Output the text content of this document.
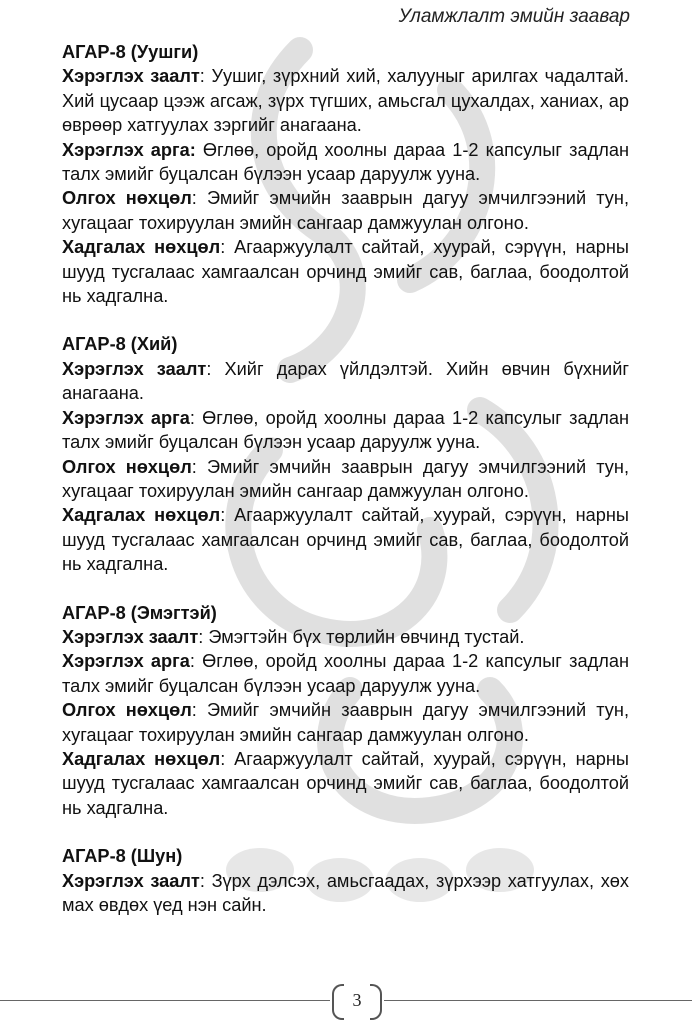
Уламжлалт эмийн заавар
АГАР-8 (Уушги)
Хэрэглэх заалт: Уушиг, зүрхний хий, халууныг арилгах чадалтай. Хий цусаар цээж агсаж, зүрх түгших, амьсгал цухалдах, ханиах, ар өврөөр хатгуулах зэргийг анагаана.
Хэрэглэх арга: Өглөө, оройд хоолны дараа 1-2 капсулыг задлан талх эмийг буцалсан бүлээн усаар даруулж ууна.
Олгох нөхцөл: Эмийг эмчийн зааврын дагуу эмчилгээний тун, хугацааг тохируулан эмийн сангаар дамжуулан олгоно.
Хадгалах нөхцөл: Агааржуулалт сайтай, хуурай, сэрүүн, нарны шууд тусгалаас хамгаалсан орчинд эмийг сав, баглаа, боодолтой нь хадгална.
АГАР-8 (Хий)
Хэрэглэх заалт: Хийг дарах үйлдэлтэй. Хийн өвчин бүхнийг анагаана.
Хэрэглэх арга: Өглөө, оройд хоолны дараа 1-2 капсулыг задлан талх эмийг буцалсан бүлээн усаар даруулж ууна.
Олгох нөхцөл: Эмийг эмчийн зааврын дагуу эмчилгээний тун, хугацааг тохируулан эмийн сангаар дамжуулан олгоно.
Хадгалах нөхцөл: Агааржуулалт сайтай, хуурай, сэрүүн, нарны шууд тусгалаас хамгаалсан орчинд эмийг сав, баглаа, боодолтой нь хадгална.
АГАР-8 (Эмэгтэй)
Хэрэглэх заалт: Эмэгтэйн бүх төрлийн өвчинд тустай.
Хэрэглэх арга: Өглөө, оройд хоолны дараа 1-2 капсулыг задлан талх эмийг буцалсан бүлээн усаар даруулж ууна.
Олгох нөхцөл: Эмийг эмчийн зааврын дагуу эмчилгээний тун, хугацааг тохируулан эмийн сангаар дамжуулан олгоно.
Хадгалах нөхцөл: Агааржуулалт сайтай, хуурай, сэрүүн, нарны шууд тусгалаас хамгаалсан орчинд эмийг сав, баглаа, боодолтой нь хадгална.
АГАР-8 (Шун)
Хэрэглэх заалт: Зүрх дэлсэх, амьсгаадах, зүрхээр хатгуулах, хөх мах өвдөх үед нэн сайн.
3
